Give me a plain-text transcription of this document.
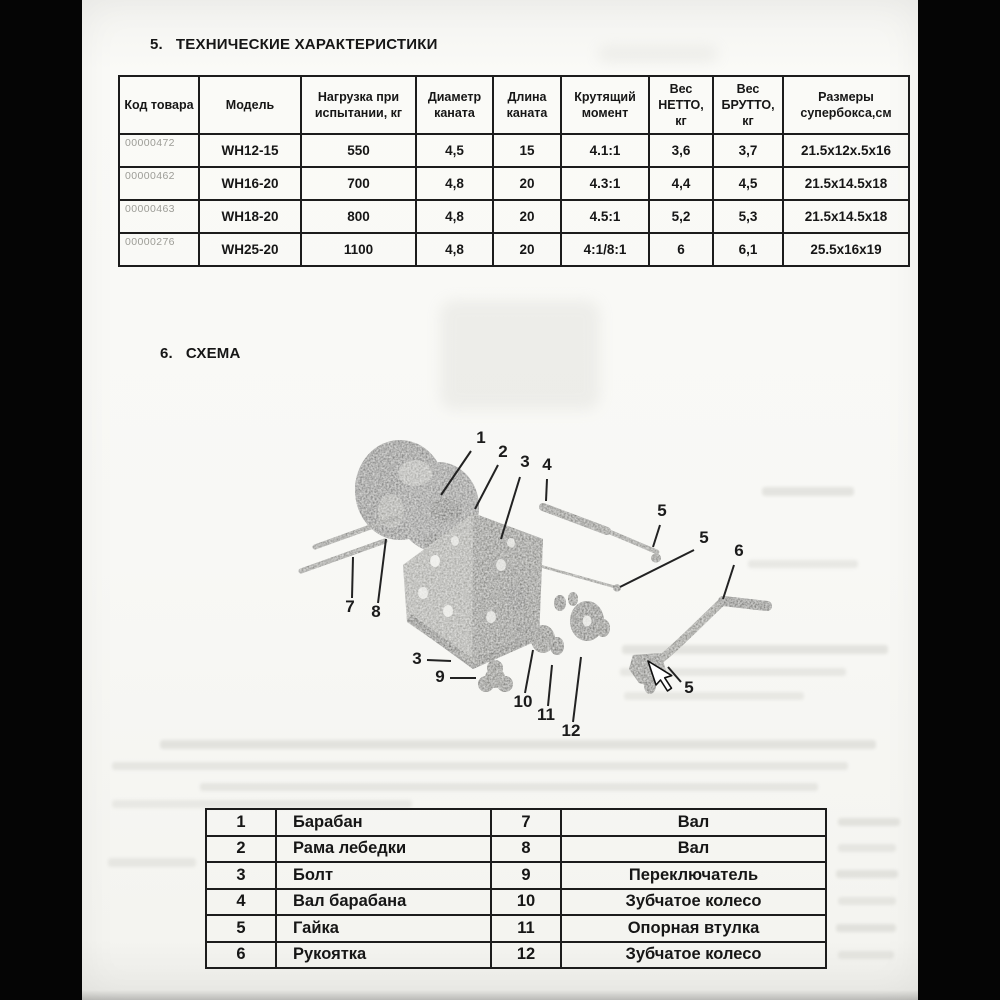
5. ТЕХНИЧЕСКИЕ ХАРАКТЕРИСТИКИ
Код товара	Модель	Нагрузка при испытании, кг	Диаметр каната	Длина каната	Крутящий момент	Вес НЕТТО, кг	Вес БРУТТО, кг	Размеры супербокса,см
00000472	WH12-15	550	4,5	15	4.1:1	3,6	3,7	21.5x12x.5x16
00000462	WH16-20	700	4,8	20	4.3:1	4,4	4,5	21.5x14.5x18
00000463	WH18-20	800	4,8	20	4.5:1	5,2	5,3	21.5x14.5x18
00000276	WH25-20	1100	4,8	20	4:1/8:1	6	6,1	25.5x16x19
6. СХЕМА
1
2
3 4
5
5
6
7 8
3
9
10
11
12
5
1	Барабан	7	Вал
2	Рама лебедки	8	Вал
3	Болт	9	Переключатель
4	Вал барабана	10	Зубчатое колесо
5	Гайка	11	Опорная втулка
6	Рукоятка	12	Зубчатое колесо
